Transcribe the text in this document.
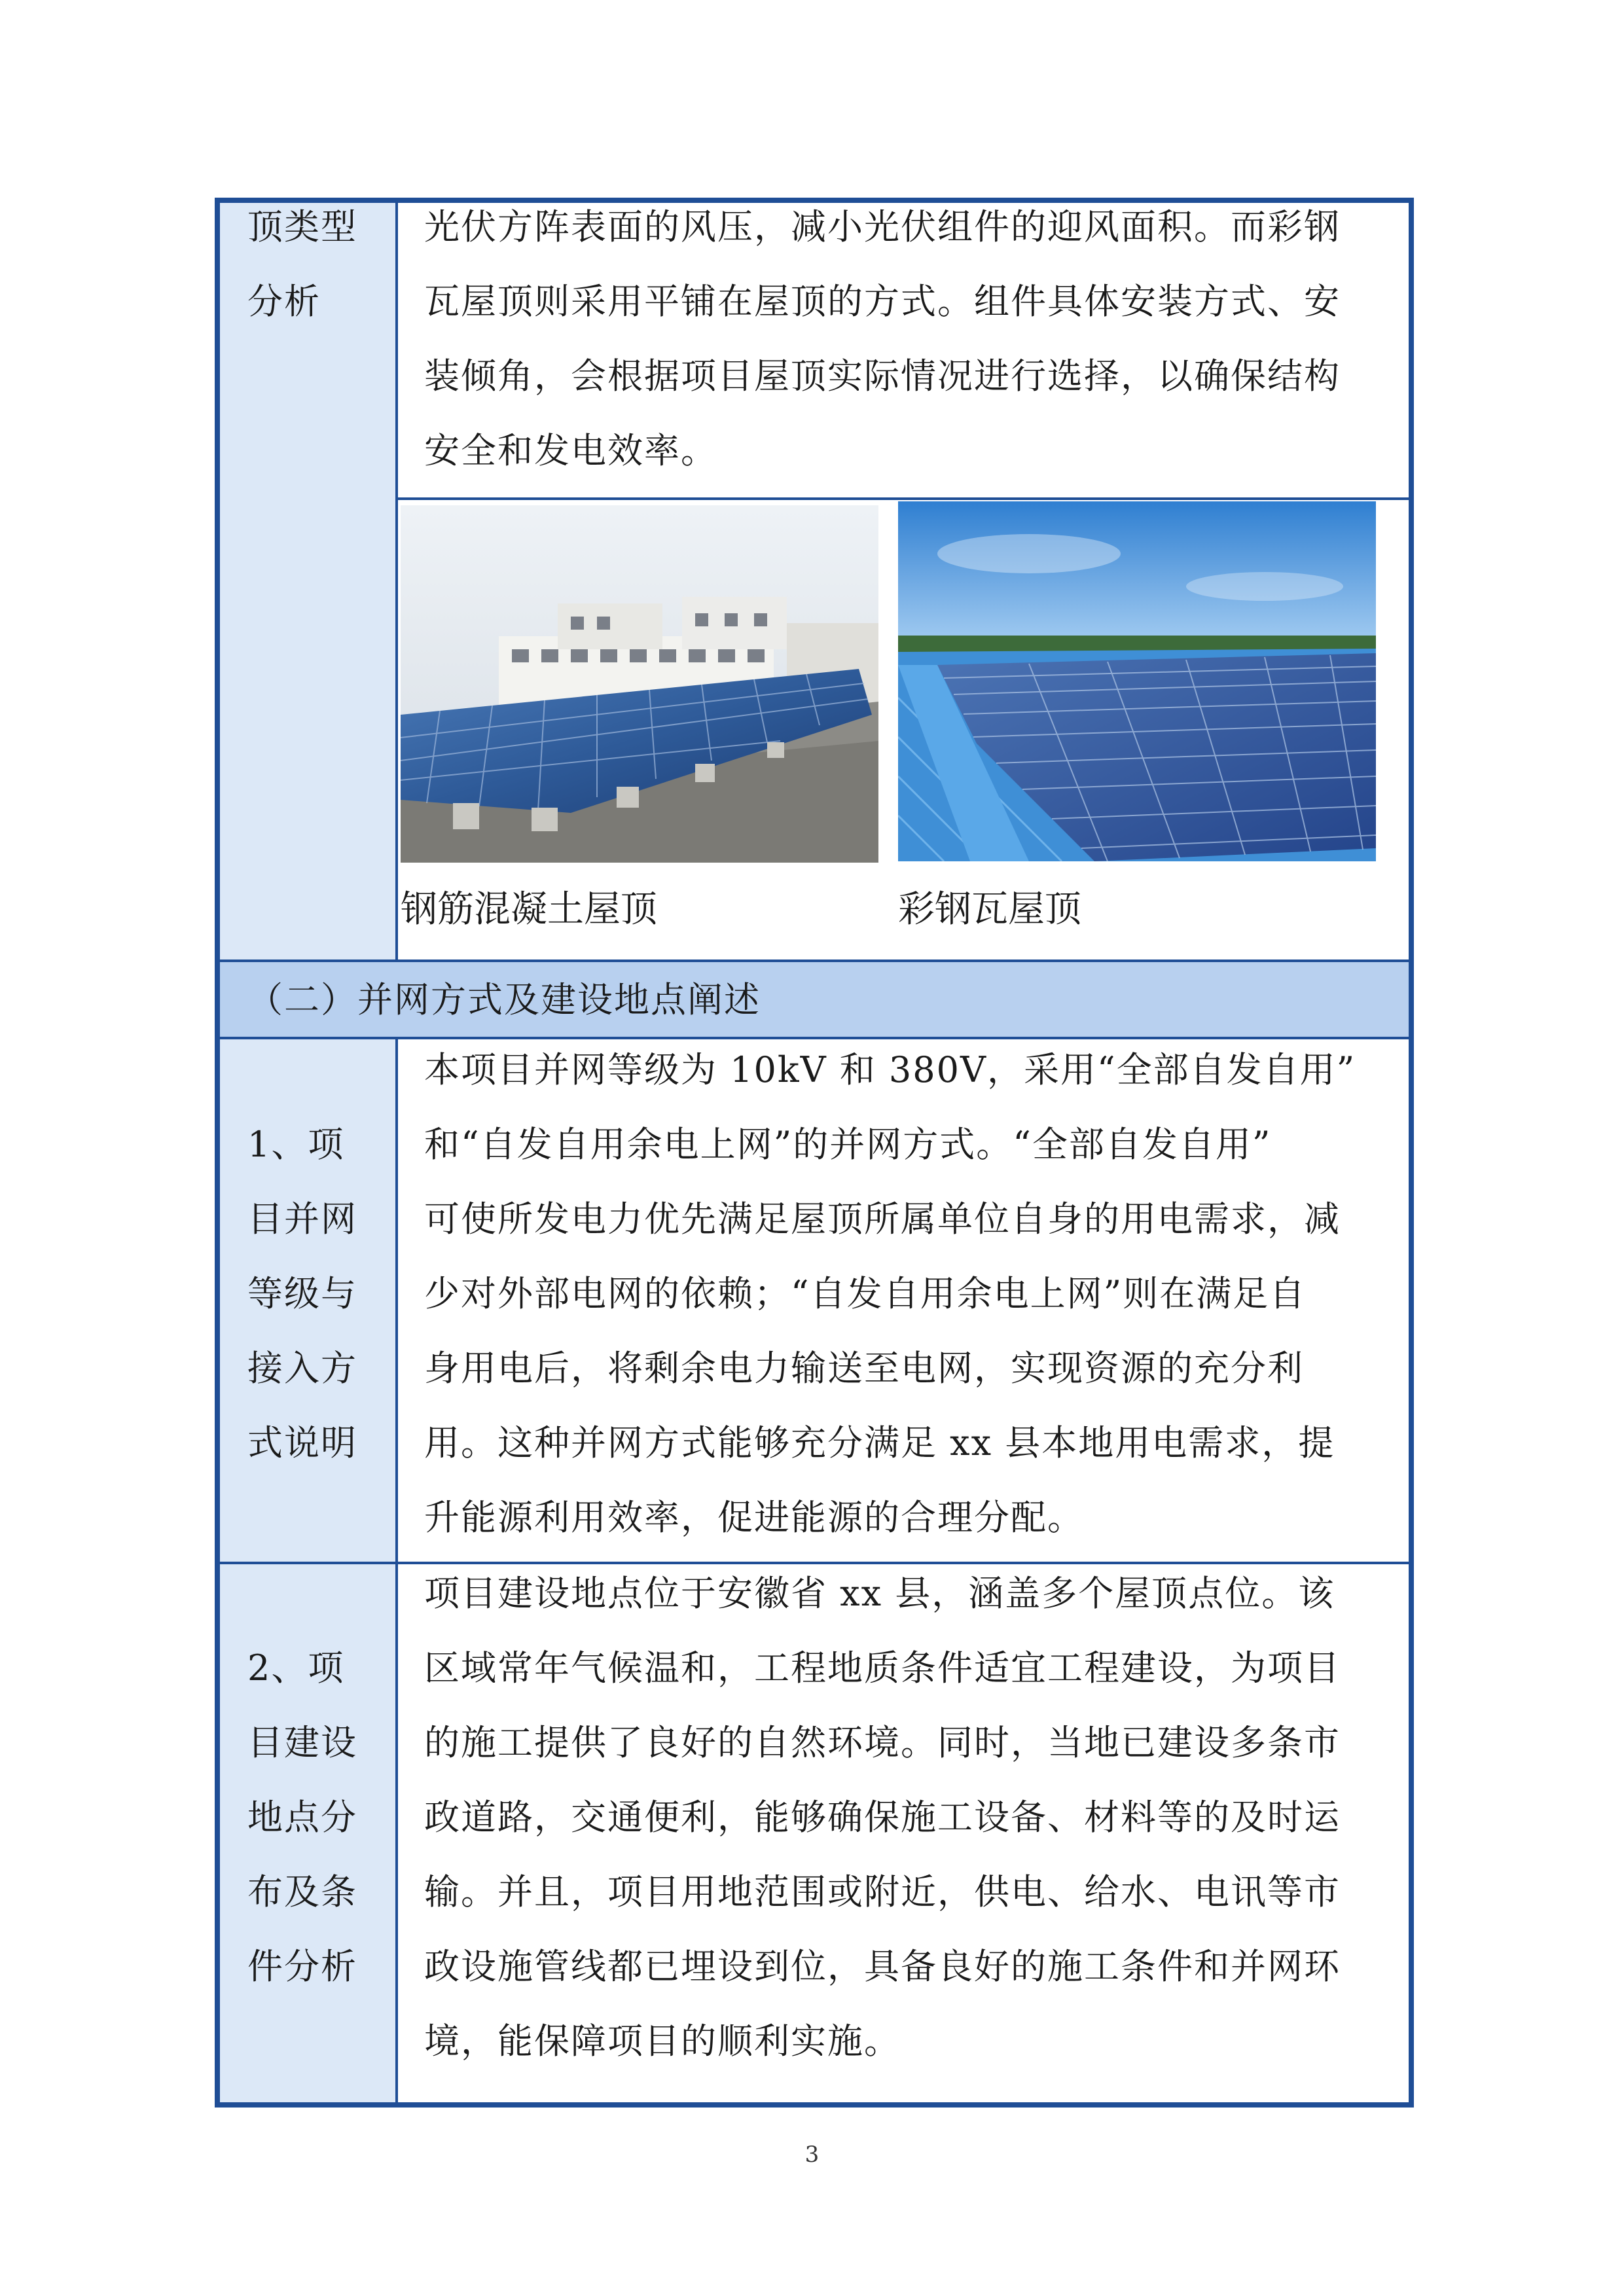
顶类型
分析

光伏方阵表面的风压，减小光伏组件的迎风面积。而彩钢

瓦屋顶则采用平铺在屋顶的方式。组件具体安装方式、安

装倾角，会根据项目屋顶实际情况进行选择，以确保结构

安全和发电效率。

钢筋混凝土屋顶	彩钢瓦屋顶
（二）并网方式及建设地点阐述
1、项
目并网
等级与
接入方
式说明

本项目并网等级为 10kV 和 380V，采用“全部自发自用”

和“自发自用余电上网”的并网方式。“全部自发自用”

可使所发电力优先满足屋顶所属单位自身的用电需求，减

少对外部电网的依赖；“自发自用余电上网”则在满足自

身用电后，将剩余电力输送至电网，实现资源的充分利

用。这种并网方式能够充分满足 xx 县本地用电需求，提

升能源利用效率，促进能源的合理分配。

2、项
目建设
地点分
布及条
件分析

项目建设地点位于安徽省 xx 县，涵盖多个屋顶点位。该

区域常年气候温和，工程地质条件适宜工程建设，为项目

的施工提供了良好的自然环境。同时，当地已建设多条市

政道路，交通便利，能够确保施工设备、材料等的及时运

输。并且，项目用地范围或附近，供电、给水、电讯等市

政设施管线都已埋设到位，具备良好的施工条件和并网环

境，能保障项目的顺利实施。

3
